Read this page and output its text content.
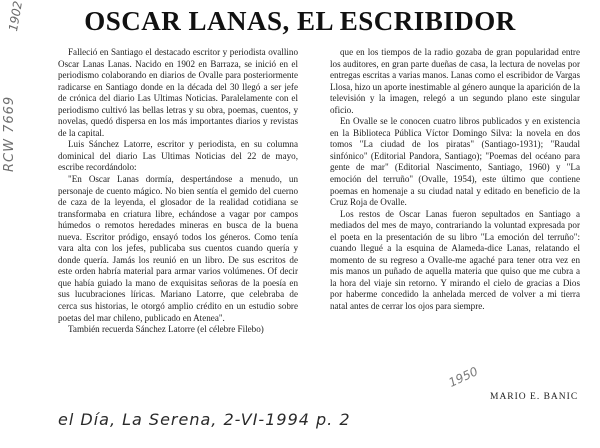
OSCAR LANAS, EL ESCRIBIDOR

Falleció en Santiago el destacado escritor y periodista ovallino Oscar Lanas Lanas. Nacido en 1902 en Barraza, se inició en el periodismo colaborando en diarios de Ovalle para posteriormente radicarse en Santiago donde en la década del 30 llegó a ser jefe de crónica del diario Las Ultimas Noticias. Paralelamente con el periodismo cultivó las bellas letras y su obra, poemas, cuentos, y novelas, quedó dispersa en los más importantes diarios y revistas de la capital.

Luis Sánchez Latorre, escritor y periodista, en su columna dominical del diario Las Ultimas Noticias del 22 de mayo, escribe recordándolo:

"En Oscar Lanas dormía, despertándose a menudo, un personaje de cuento mágico. No bien sentía el gemido del cuerno de caza de la leyenda, el glosador de la realidad cotidiana se transformaba en criatura libre, echándose a vagar por campos húmedos o remotos heredades mineras en busca de la buena nueva. Escritor pródigo, ensayó todos los géneros. Como tenía vara alta con los jefes, publicaba sus cuentos cuando quería y donde quería. Jamás los reunió en un libro. De sus escritos de este orden habría material para armar varios volúmenes. Of decir que había guiado la mano de exquisitas señoras de la poesía en sus lucubraciones líricas. Mariano Latorre, que celebraba de cerca sus historias, le otorgó amplio crédito en un estudio sobre poetas del mar chileno, publicado en Atenea".

También recuerda Sánchez Latorre (el célebre Filebo)

que en los tiempos de la radio gozaba de gran popularidad entre los auditores, en gran parte dueñas de casa, la lectura de novelas por entregas escritas a varias manos. Lanas como el escribidor de Vargas Llosa, hizo un aporte inestimable al género aunque la aparición de la televisión y la imagen, relegó a un segundo plano este singular oficio.

En Ovalle se le conocen cuatro libros publicados y en existencia en la Biblioteca Pública Víctor Domingo Silva: la novela en dos tomos "La ciudad de los piratas" (Santiago-1931); "Raudal sinfónico" (Editorial Pandora, Santiago); "Poemas del océano para gente de mar" (Editorial Nascimento, Santiago, 1960) y "La emoción del terruño" (Ovalle, 1954), este último que contiene poemas en homenaje a su ciudad natal y editado en beneficio de la Cruz Roja de Ovalle.

Los restos de Oscar Lanas fueron sepultados en Santiago a mediados del mes de mayo, contrariando la voluntad expresada por el poeta en la presentación de su libro "La emoción del terruño": cuando llegué a la esquina de Alameda-dice Lanas, relatando el momento de su regreso a Ovalle-me agaché para tener otra vez en mis manos un puñado de aquella materia que quiso que me cubra a la hora del viaje sin retorno. Y mirando el cielo de gracias a Dios por haberme concedido la anhelada merced de volver a mi tierra natal antes de cerrar los ojos para siempre.

MARIO E. BANIC
el Día, La Serena, 2-VI-1994 p. 2
1902
RCW 7669
1950
